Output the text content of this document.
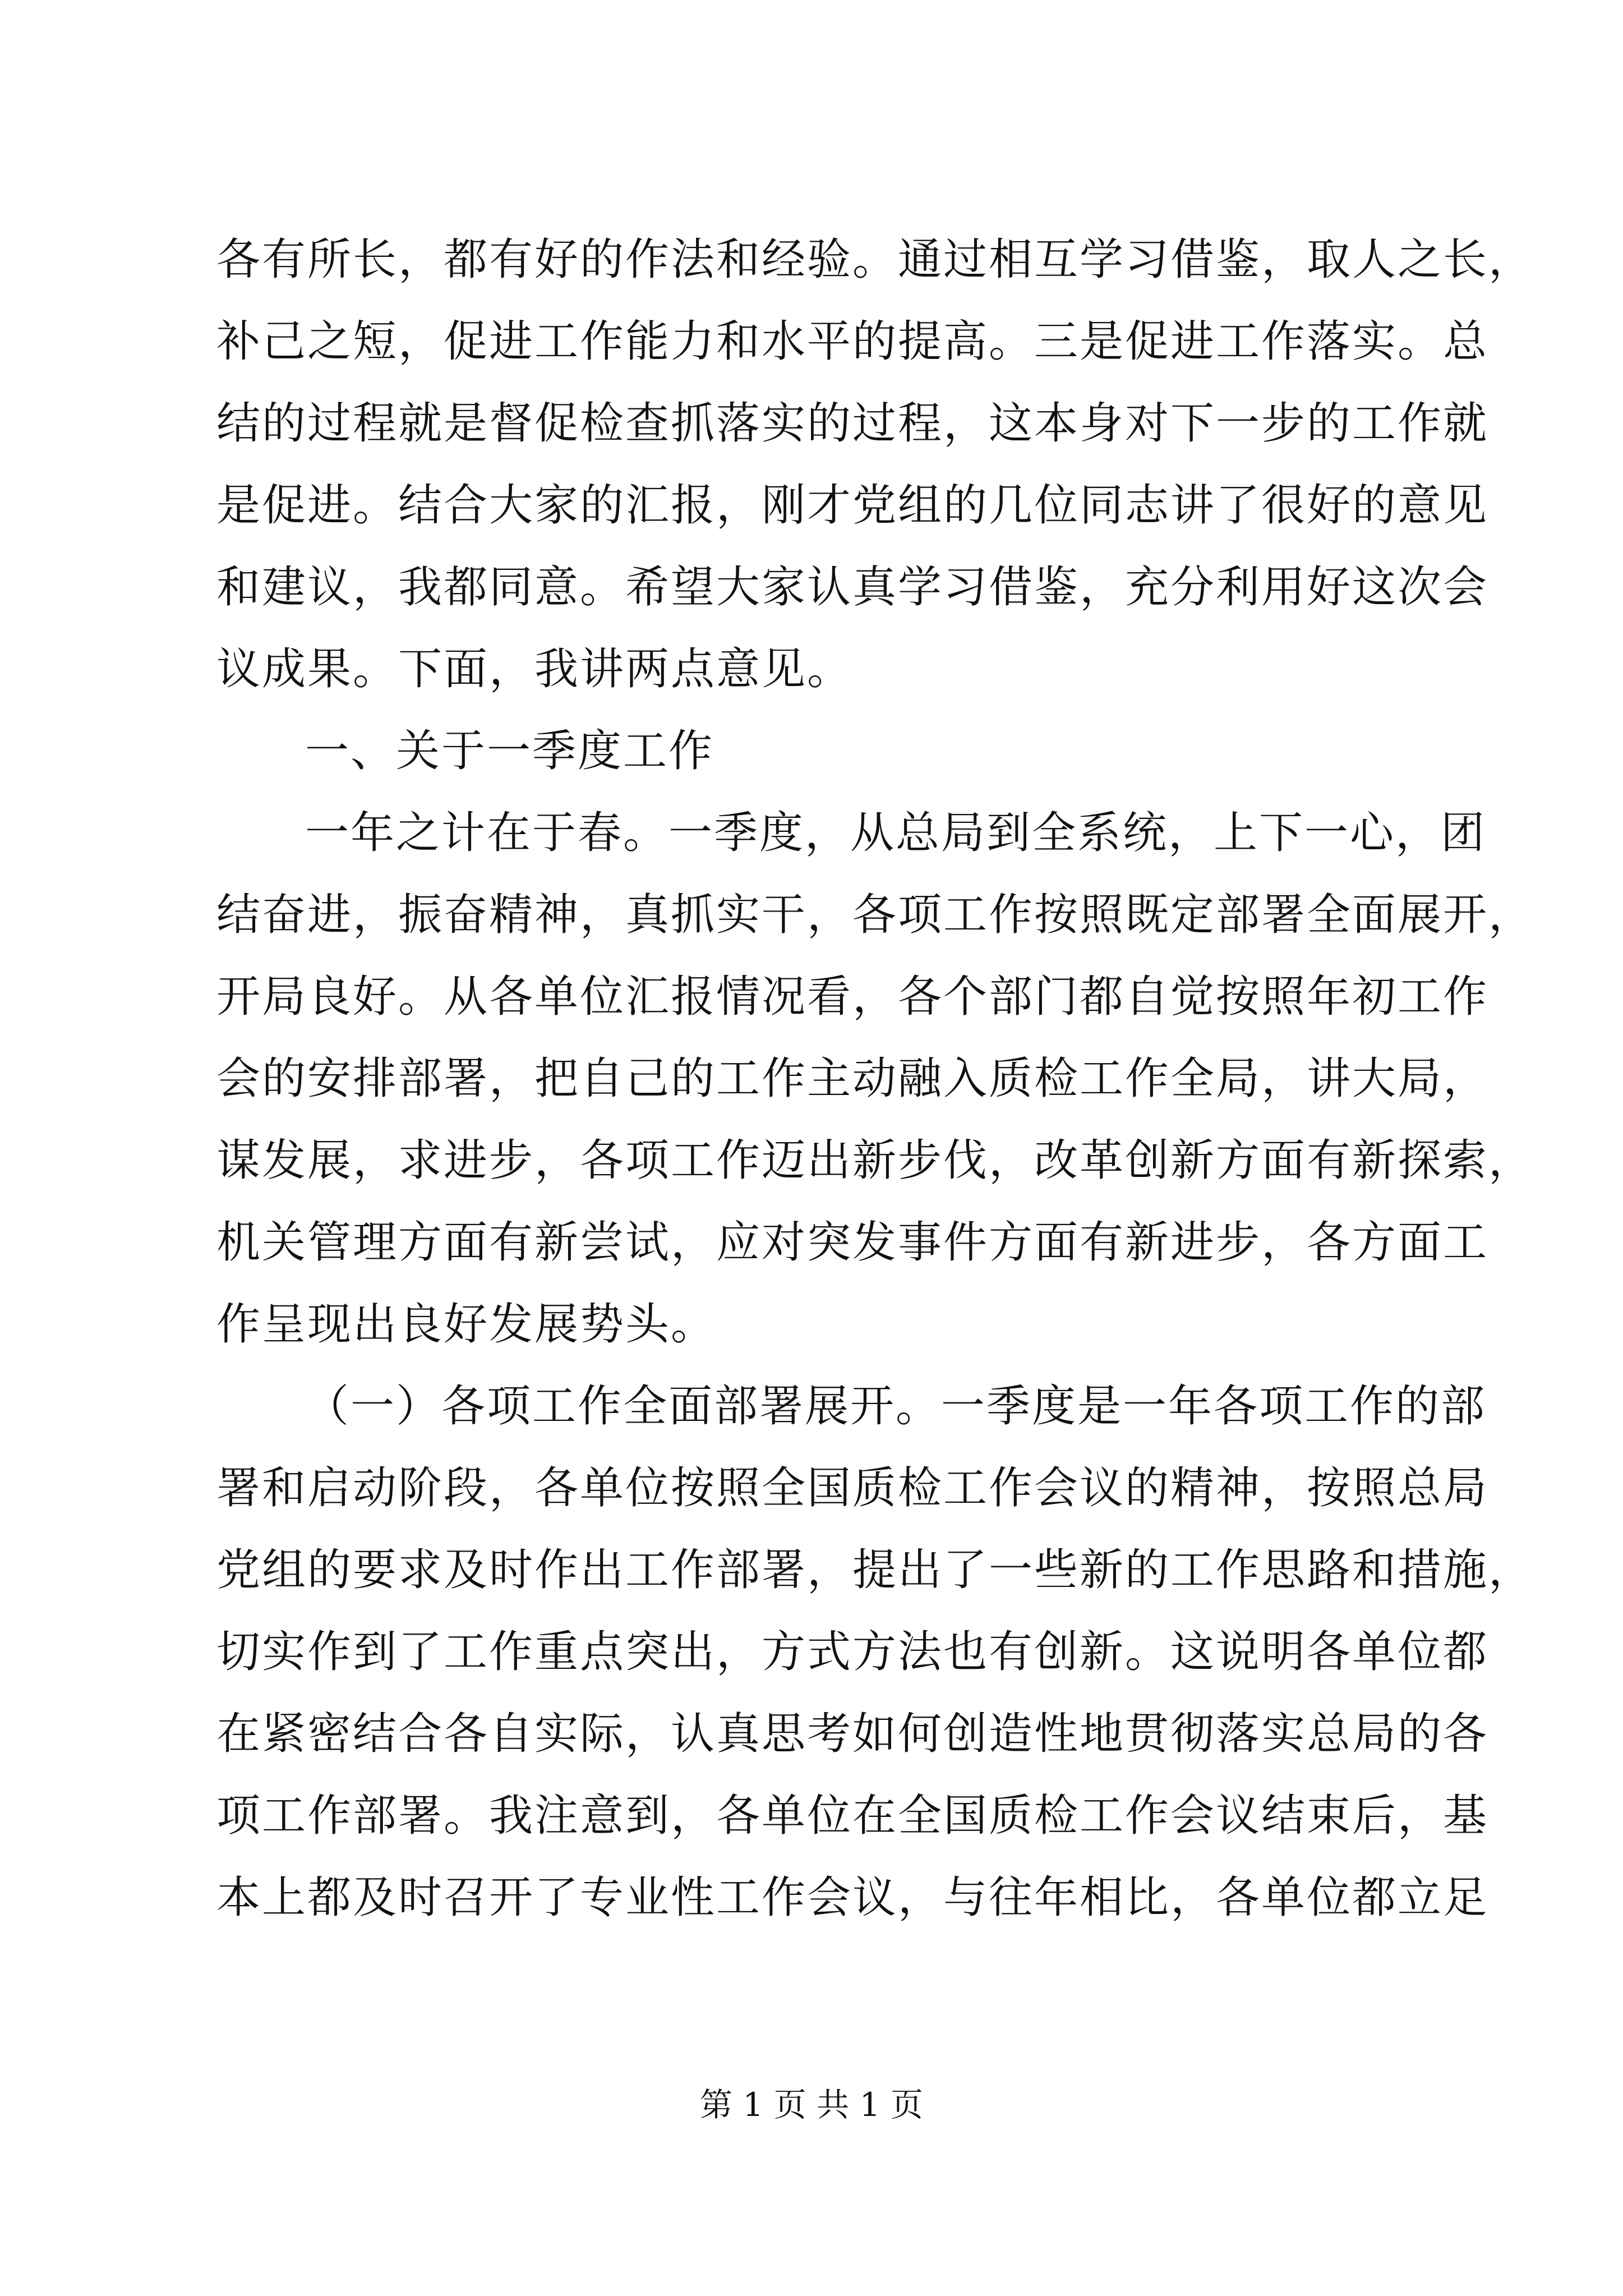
各有所长，都有好的作法和经验。通过相互学习借鉴，取人之长，
补己之短，促进工作能力和水平的提高。三是促进工作落实。总
结的过程就是督促检查抓落实的过程，这本身对下一步的工作就
是促进。结合大家的汇报，刚才党组的几位同志讲了很好的意见
和建议，我都同意。希望大家认真学习借鉴，充分利用好这次会
议成果。下面，我讲两点意见。
一、关于一季度工作
一年之计在于春。一季度，从总局到全系统，上下一心，团
结奋进，振奋精神，真抓实干，各项工作按照既定部署全面展开，
开局良好。从各单位汇报情况看，各个部门都自觉按照年初工作
会的安排部署，把自己的工作主动融入质检工作全局，讲大局，
谋发展，求进步，各项工作迈出新步伐，改革创新方面有新探索，
机关管理方面有新尝试，应对突发事件方面有新进步，各方面工
作呈现出良好发展势头。
（一）各项工作全面部署展开。一季度是一年各项工作的部
署和启动阶段，各单位按照全国质检工作会议的精神，按照总局
党组的要求及时作出工作部署，提出了一些新的工作思路和措施，
切实作到了工作重点突出，方式方法也有创新。这说明各单位都
在紧密结合各自实际，认真思考如何创造性地贯彻落实总局的各
项工作部署。我注意到，各单位在全国质检工作会议结束后，基
本上都及时召开了专业性工作会议，与往年相比，各单位都立足
第 1 页 共 1 页
